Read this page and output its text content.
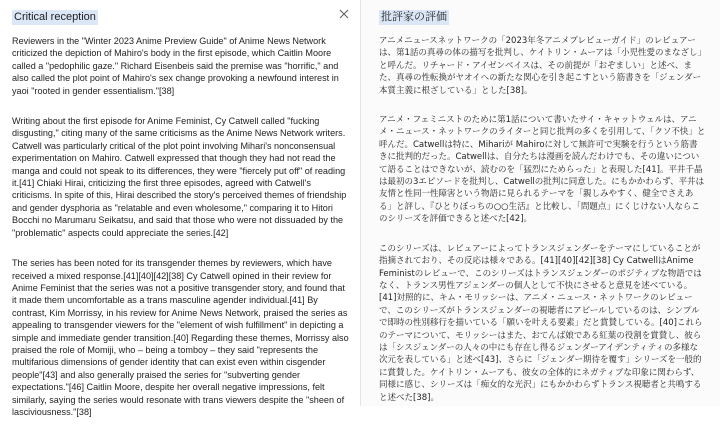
Critical reception

Reviewers in the "Winter 2023 Anime Preview Guide" of Anime News Network criticized the depiction of Mahiro's body in the first episode, which Caitlin Moore called a "pedophilic gaze." Richard Eisenbeis said the premise was "horrific," and also called the plot point of Mahiro's sex change provoking a newfound interest in yaoi "rooted in gender essentialism."[38]

Writing about the first episode for Anime Feminist, Cy Catwell called "fucking disgusting," citing many of the same criticisms as the Anime News Network writers. Catwell was particularly critical of the plot point involving Mihari's nonconsensual experimentation on Mahiro. Catwell expressed that though they had not read the manga and could not speak to its differences, they were "fiercely put off" of reading it.[41] Chiaki Hirai, criticizing the first three episodes, agreed with Catwell's criticisms. In spite of this, Hirai described the story's perceived themes of friendship and gender dysphoria as "relatable and even wholesome," comparing it to Hitori Bocchi no Marumaru Seikatsu, and said that those who were not dissuaded by the "problematic" aspects could appreciate the series.[42]

The series has been noted for its transgender themes by reviewers, which have received a mixed response.[41][40][42][38] Cy Catwell opined in their review for Anime Feminist that the series was not a positive transgender story, and found that it made them uncomfortable as a trans masculine agender individual.[41] By contrast, Kim Morrissy, in his review for Anime News Network, praised the series as appealing to transgender viewers for the "element of wish fulfillment" in depicting a simple and immediate gender transition.[40] Regarding these themes, Morrissy also praised the role of Momiji, who – being a tomboy – they said "represents the multifarious dimensions of gender identity that can exist even within cisgender people"[43] and also generally praised the series for "subverting gender expectations."[46] Caitlin Moore, despite her overall negative impressions, felt similarly, saying the series would resonate with trans viewers despite the "sheen of lasciviousness."[38]

批評家の評価

アニメニュースネットワークの「2023年冬アニメプレビューガイド」のレビュアーは、第1話の真尋の体の描写を批判し、ケイトリン・ムーアは「小児性愛のまなざし」と呼んだ。リチャード・アイゼンベイスは、その前提が「おぞましい」と述べ、また、真尋の性転換がヤオイへの新たな関心を引き起こすという筋書きを「ジェンダー本質主義に根ざしている」とした[38]。

アニメ・フェミニストのために第1話について書いたサイ・キャットウェルは、アニメ・ニュース・ネットワークのライターと同じ批判の多くを引用して、「クソ不快」と呼んだ。Catwellは特に、Mihariが Mahiroに対して無許可で実験を行うという筋書きに批判的だった。Catwellは、自分たちは漫画を読んだわけでも、その違いについて語ることはできないが、読むのを「猛烈にためらった」と表現した[41]。平井千晶は最初の3エピソードを批判し、Catwellの批判に同意した。にもかかわらず、平井は友情と性同一性障害という物語に見られるテーマを「親しみやすく、健全でさえある」と評し、『ひとりぼっちの○○生活』と比較し、「問題点」にくじけない人ならこのシリーズを評価できると述べた[42]。

このシリーズは、レビュアーによってトランスジェンダーをテーマにしていることが指摘されており、その反応は様々である。[41][40][42][38] Cy CatwellはAnime Feministのレビューで、このシリーズはトランスジェンダーのポジティブな物語ではなく、トランス男性アジェンダーの個人として不快にさせると意見を述べている。[41]対照的に、キム・モリッシーは、アニメ・ニュース・ネットワークのレビューで、このシリーズがトランスジェンダーの視聴者にアピールしているのは、シンプルで即時の性別移行を描いている「願いを叶える要素」だと賞賛している。[40]これらのテーマについて、モリッシーはまた、おてんば娘である紅葉の役割を賞賛し、彼らは「シスジェンダーの人々の中にも存在し得るジェンダーアイデンティティの多様な次元を表している」と述べ[43]、さらに「ジェンダー期待を覆す」シリーズを一般的に賞賛した。ケイトリン・ムーアも、彼女の全体的にネガティブな印象に関わらず、同様に感じ、シリーズは「痴女的な光沢」にもかかわらずトランス視聴者と共鳴すると述べた[38]。
